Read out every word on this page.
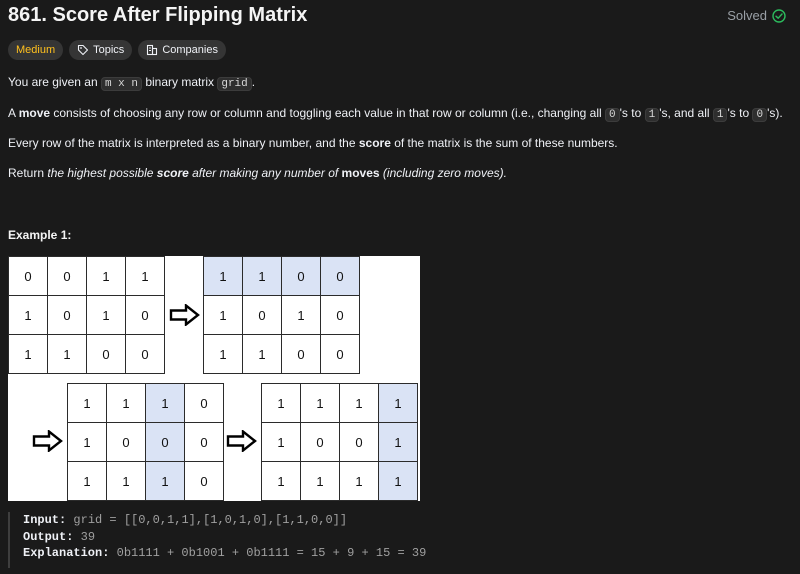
861. Score After Flipping Matrix	Solved
Medium	Topics	Companies
You are given an m x n binary matrix grid .
A move consists of choosing any row or column and toggling each value in that row or column (i.e., changing all 0 's to 1 's, and all 1 's to 0 's).
Every row of the matrix is interpreted as a binary number, and the score of the matrix is the sum of these numbers.
Return the highest possible score after making any number of moves (including zero moves).
Example 1:
0	0	1	1
1	0	1	0
1	1	0	0
1	1	0	0
1	0	1	0
1	1	0	0
1	1	1	0
1	0	0	0
1	1	1	0
1	1	1	1
1	0	0	1
1	1	1	1
Input: grid = [[0,0,1,1],[1,0,1,0],[1,1,0,0]]
Output: 39
Explanation: 0b1111 + 0b1001 + 0b1111 = 15 + 9 + 15 = 39
